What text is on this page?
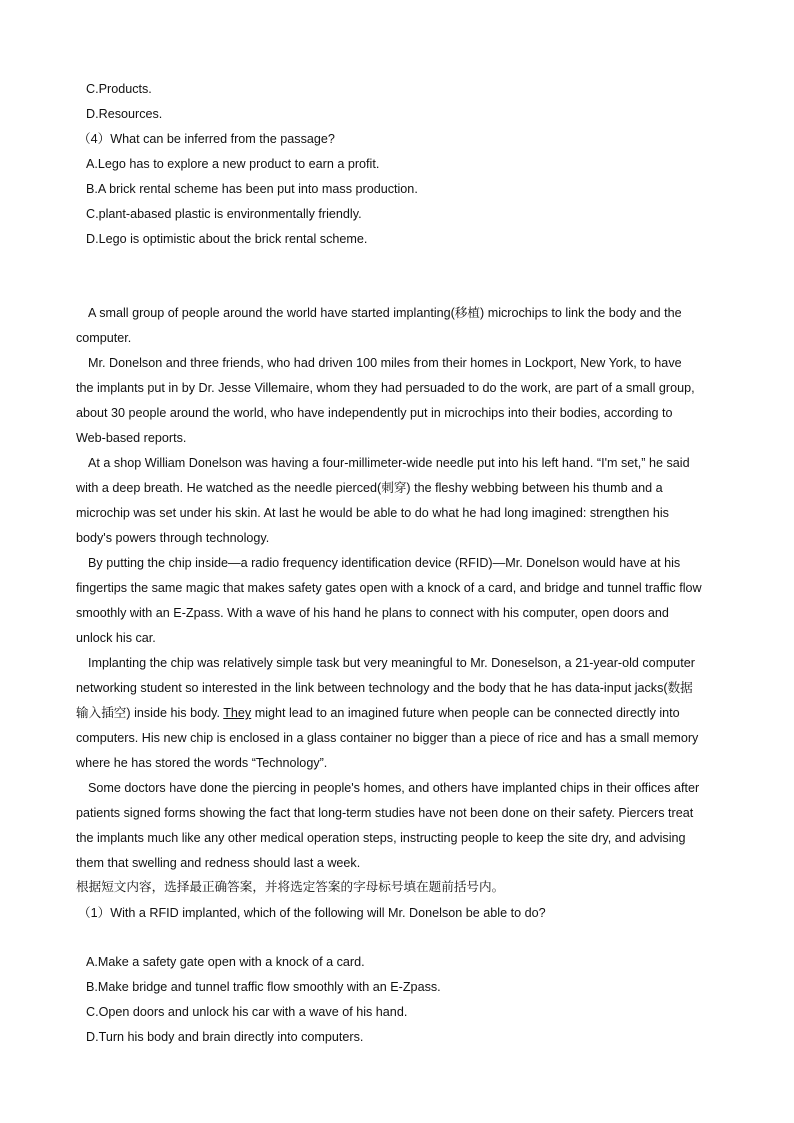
C.Products.
D.Resources.
（4）What can be inferred from the passage?
A.Lego has to explore a new product to earn a profit.
B.A brick rental scheme has been put into mass production.
C.plant-abased plastic is environmentally friendly.
D.Lego is optimistic about the brick rental scheme.
A small group of people around the world have started implanting(移植) microchips to link the body and the
computer.
Mr. Donelson and three friends, who had driven 100 miles from their homes in Lockport, New York, to have
the implants put in by Dr. Jesse Villemaire, whom they had persuaded to do the work, are part of a small group,
about 30 people around the world, who have independently put in microchips into their bodies, according to
Web-based reports.
At a shop William Donelson was having a four-millimeter-wide needle put into his left hand. “I'm set,” he said
with a deep breath. He watched as the needle pierced(刺穿) the fleshy webbing between his thumb and a
microchip was set under his skin. At last he would be able to do what he had long imagined: strengthen his
body's powers through technology.
By putting the chip inside—a radio frequency identification device (RFID)—Mr. Donelson would have at his
fingertips the same magic that makes safety gates open with a knock of a card, and bridge and tunnel traffic flow
smoothly with an E-Zpass. With a wave of his hand he plans to connect with his computer, open doors and
unlock his car.
Implanting the chip was relatively simple task but very meaningful to Mr. Doneselson, a 21-year-old computer
networking student so interested in the link between technology and the body that he has data-input jacks(数据
输入插空) inside his body. They might lead to an imagined future when people can be connected directly into
computers. His new chip is enclosed in a glass container no bigger than a piece of rice and has a small memory
where he has stored the words “Technology”.
Some doctors have done the piercing in people's homes, and others have implanted chips in their offices after
patients signed forms showing the fact that long-term studies have not been done on their safety. Piercers treat
the implants much like any other medical operation steps, instructing people to keep the site dry, and advising
them that swelling and redness should last a week.
根据短文内容，选择最正确答案，并将选定答案的字母标号填在题前括号内。
（1）With a RFID implanted, which of the following will Mr. Donelson be able to do?
A.Make a safety gate open with a knock of a card.
B.Make bridge and tunnel traffic flow smoothly with an E-Zpass.
C.Open doors and unlock his car with a wave of his hand.
D.Turn his body and brain directly into computers.
